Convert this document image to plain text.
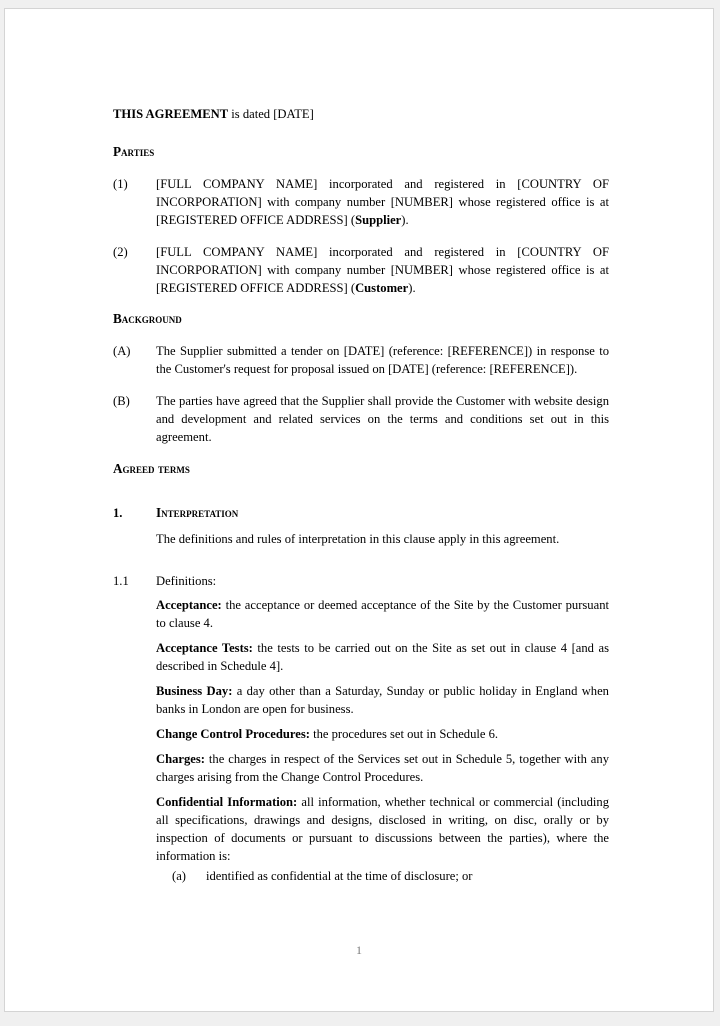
THIS AGREEMENT is dated [DATE]

Parties

(1)	[FULL COMPANY NAME] incorporated and registered in [COUNTRY OF INCORPORATION] with company number [NUMBER] whose registered office is at [REGISTERED OFFICE ADDRESS] (Supplier).
(2)	[FULL COMPANY NAME] incorporated and registered in [COUNTRY OF INCORPORATION] with company number [NUMBER] whose registered office is at [REGISTERED OFFICE ADDRESS] (Customer).

Background

(A)	The Supplier submitted a tender on [DATE] (reference: [REFERENCE]) in response to the Customer's request for proposal issued on [DATE] (reference: [REFERENCE]).
(B)	The parties have agreed that the Supplier shall provide the Customer with website design and development and related services on the terms and conditions set out in this agreement.

Agreed terms

1.	Interpretation

The definitions and rules of interpretation in this clause apply in this agreement.

1.1	Definitions:

Acceptance: the acceptance or deemed acceptance of the Site by the Customer pursuant to clause 4.

Acceptance Tests: the tests to be carried out on the Site as set out in clause 4 [and as described in Schedule 4].

Business Day: a day other than a Saturday, Sunday or public holiday in England when banks in London are open for business.

Change Control Procedures: the procedures set out in Schedule 6.

Charges: the charges in respect of the Services set out in Schedule 5, together with any charges arising from the Change Control Procedures.

Confidential Information: all information, whether technical or commercial (including all specifications, drawings and designs, disclosed in writing, on disc, orally or by inspection of documents or pursuant to discussions between the parties), where the information is:

(a)	identified as confidential at the time of disclosure; or
1
